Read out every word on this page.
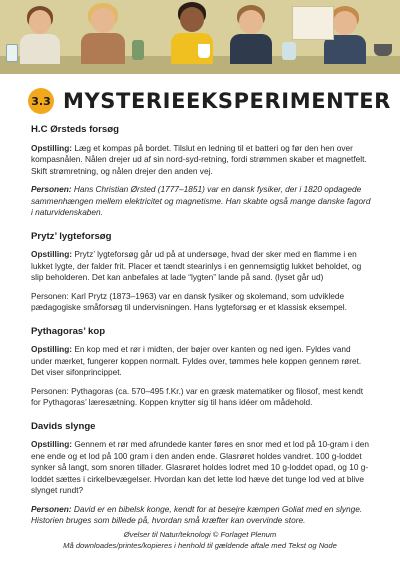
3.3 MYSTERIEEKSPERIMENTER
H.C Ørsteds forsøg

Opstilling: Læg et kompas på bordet. Tilslut en ledning til et batteri og før den hen over kompasnålen. Nålen drejer ud af sin nord-syd-retning, fordi strømmen skaber et magnetfelt. Skift strømretning, og nålen drejer den anden vej.

Personen: Hans Christian Ørsted (1777–1851) var en dansk fysiker, der i 1820 opdagede sammenhængen mellem elektricitet og magnetisme. Han skabte også mange danske fagord i naturvidenskaben.

Prytz’ lygteforsøg

Opstilling: Prytz’ lygteforsøg går ud på at undersøge, hvad der sker med en flamme i en lukket lygte, der falder frit. Placer et tændt stearinlys i en gennemsigtig lukket beholdet, og slip beholderen. Det kan anbefales at lade “lygten” lande på sand. (lyset går ud)

Personen: Karl Prytz (1873–1963) var en dansk fysiker og skolemand, som udviklede pædagogiske småforsøg til undervisningen. Hans lygteforsøg er et klassisk eksempel.

Pythagoras’ kop

Opstilling: En kop med et rør i midten, der bøjer over kanten og ned igen. Fyldes vand under mærket, fungerer koppen normalt. Fyldes over, tømmes hele koppen gennem røret. Det viser sifonprincippet.

Personen: Pythagoras (ca. 570–495 f.Kr.) var en græsk matematiker og filosof, mest kendt for Pythagoras’ læresætning. Koppen knytter sig til hans idéer om mådehold.

Davids slynge

Opstilling: Gennem et rør med afrundede kanter føres en snor med et lod på 10-gram i den ene ende og et lod på 100 gram i den anden ende. Glasrøret holdes vandret. 100 g-loddet synker så langt, som snoren tillader. Glasrøret holdes lodret med 10 g-loddet opad, og 10 g-loddet sættes i cirkelbevægelser. Hvordan kan det lette lod hæve det tunge lod ved at blive slynget rundt?

Personen: David er en bibelsk konge, kendt for at besejre kæmpen Goliat med en slynge. Historien bruges som billede på, hvordan små kræfter kan overvinde store.

Øvelser til Natur/teknologi © Forlaget Plenum
Må downloades/printes/kopieres i henhold til gældende aftale med Tekst og Node
